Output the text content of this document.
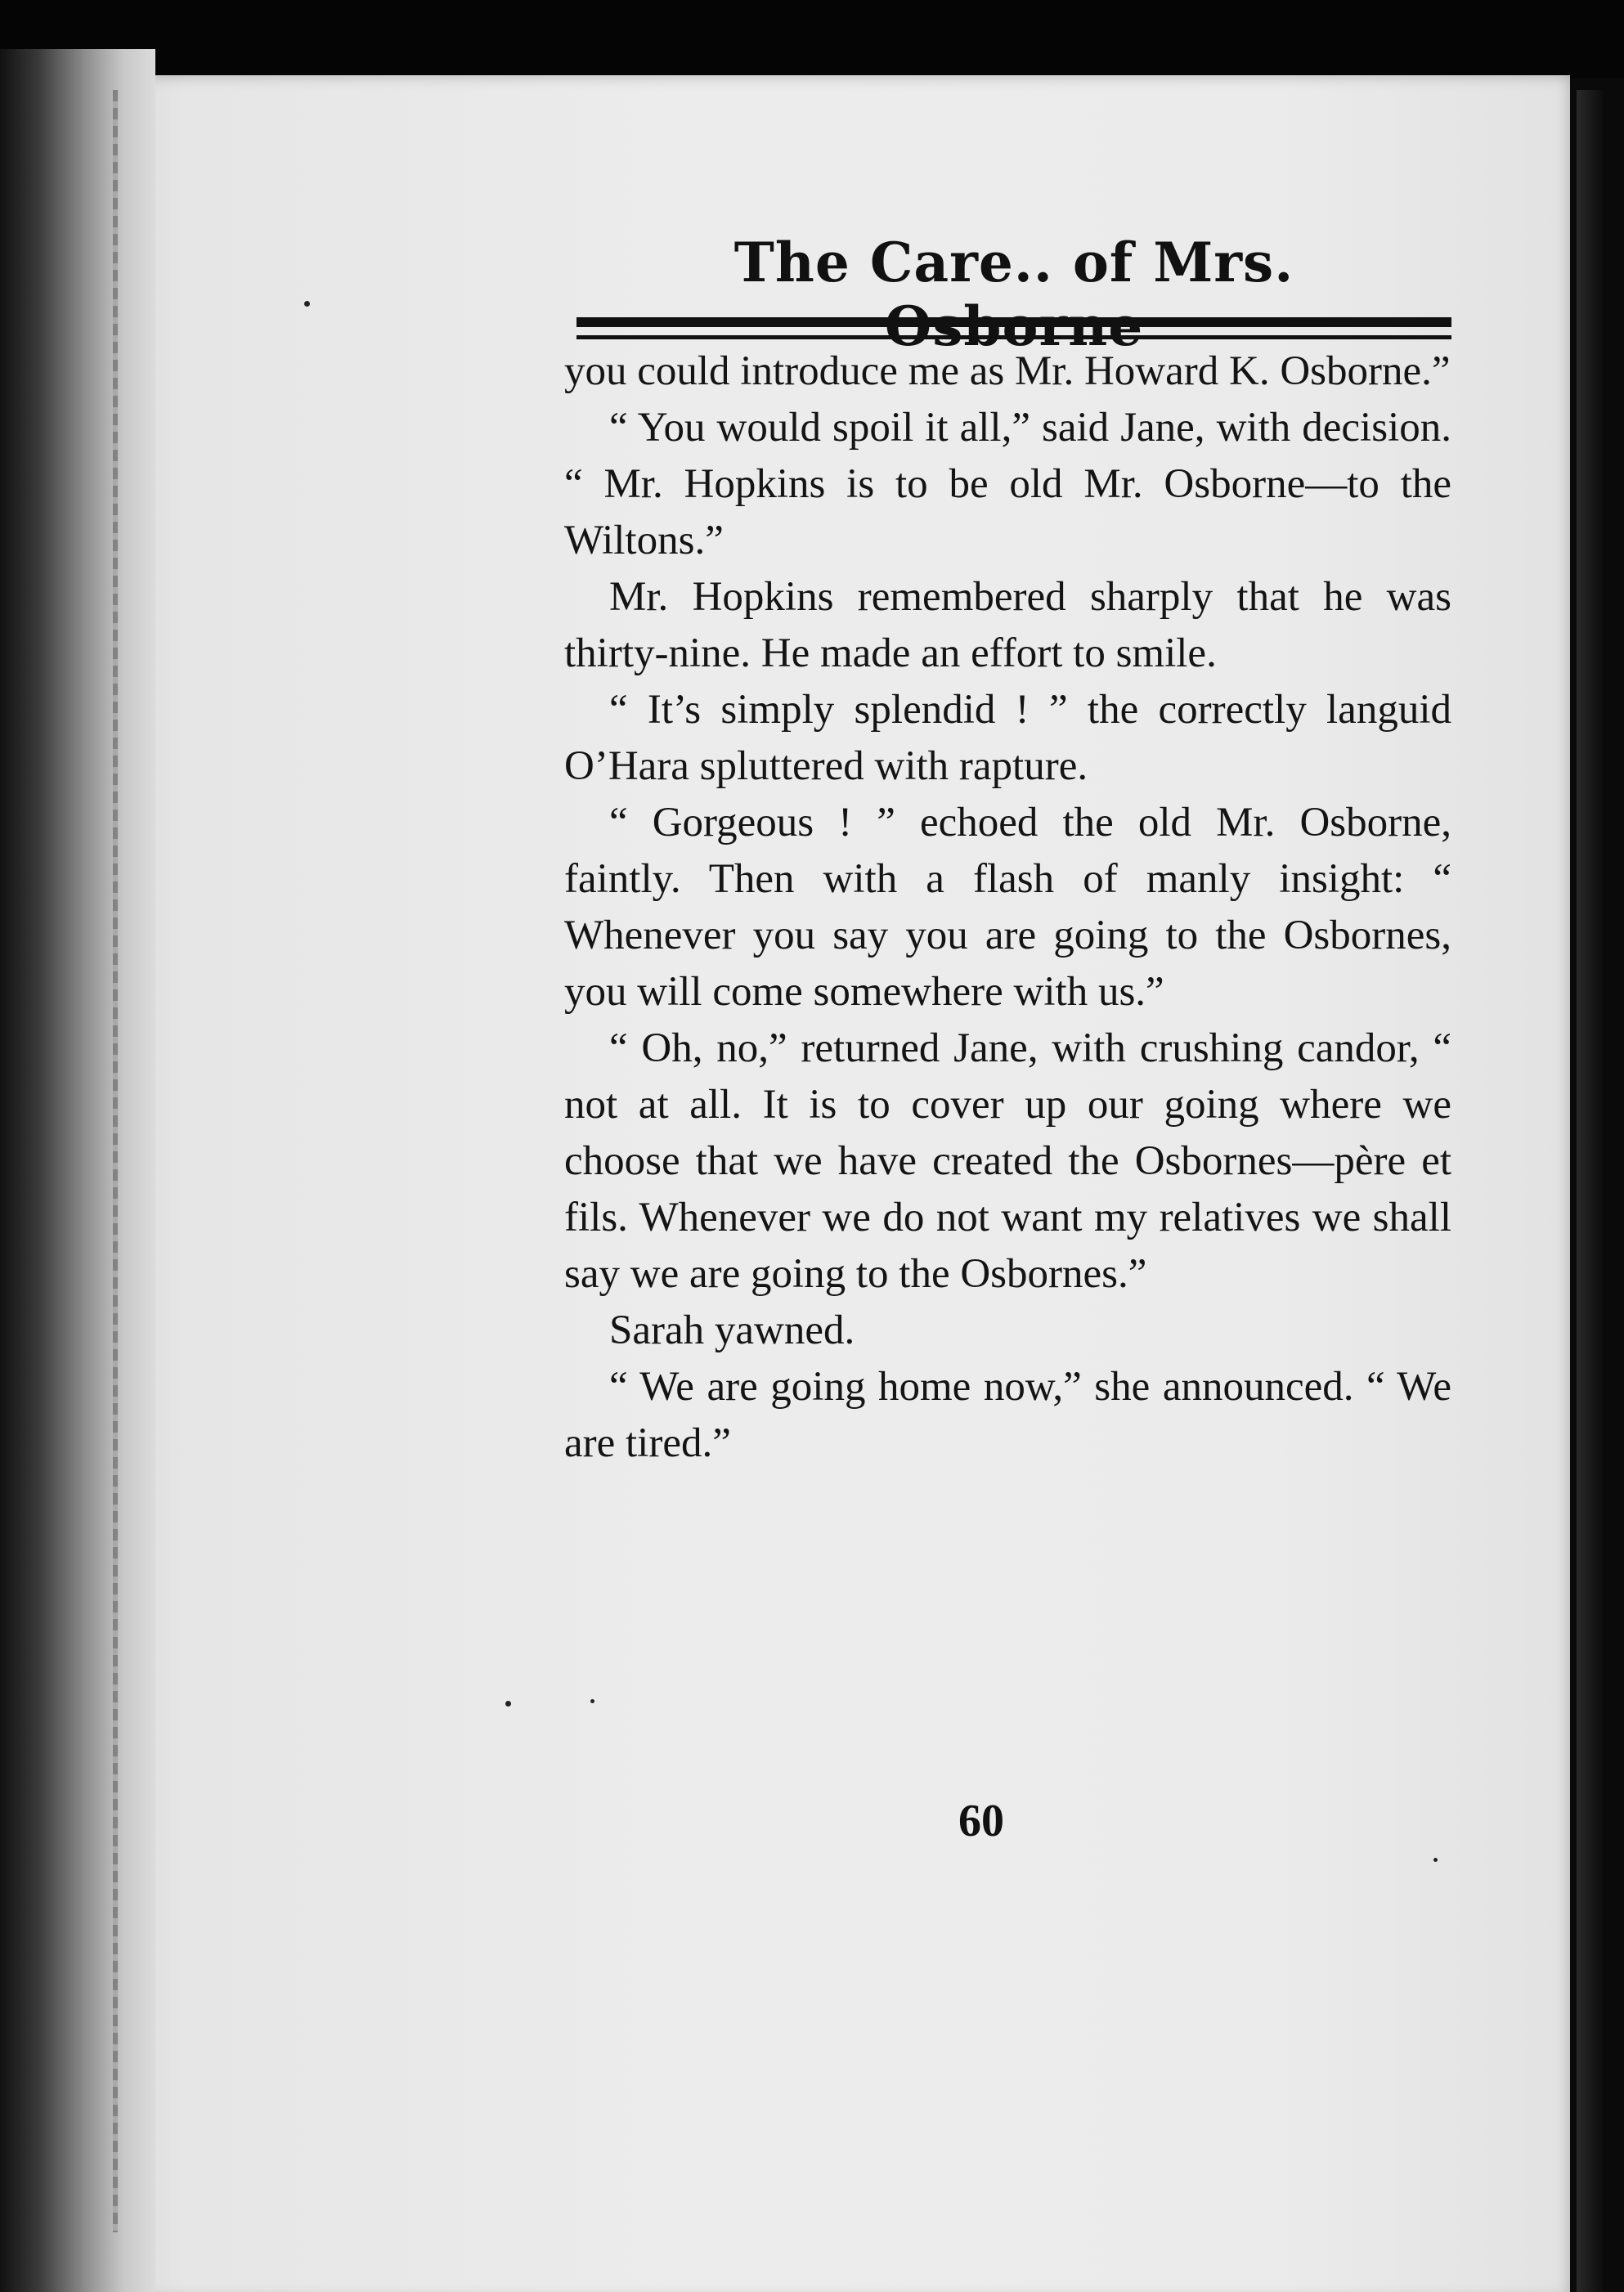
The Care.. of Mrs.

you could introduce me as Mr. Howard K. Osborne.”

“ You would spoil it all,” said Jane, with decision. “ Mr. Hopkins is to be old Mr. Osborne—to the Wiltons.”

Mr. Hopkins remembered sharply that he was thirty-nine. He made an effort to smile.

“ It’s simply splendid ! ” the correctly languid O’Hara spluttered with rapture.

“ Gorgeous ! ” echoed the old Mr. Osborne, faintly. Then with a flash of manly insight: “ Whenever you say you are going to the Osbornes, you will come somewhere with us.”

“ Oh, no,” returned Jane, with crushing candor, “ not at all. It is to cover up our going where we choose that we have created the Osbornes—père et fils. Whenever we do not want my relatives we shall say we are going to the Osbornes.”

Sarah yawned.

“ We are going home now,” she announced. “ We are tired.”

60
